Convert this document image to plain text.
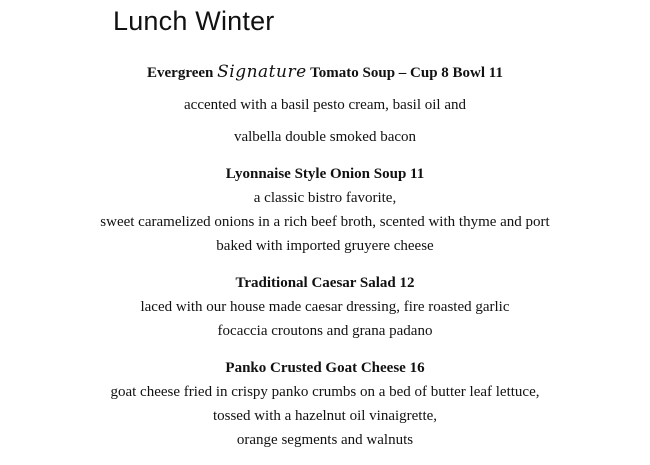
Lunch Winter
Evergreen Signature Tomato Soup – Cup 8 Bowl 11
accented with a basil pesto cream, basil oil and
valbella double smoked bacon
Lyonnaise Style Onion Soup 11
a classic bistro favorite,
sweet caramelized onions in a rich beef broth, scented with thyme and port
baked with imported gruyere cheese
Traditional Caesar Salad 12
laced with our house made caesar dressing, fire roasted garlic
focaccia croutons and grana padano
Panko Crusted Goat Cheese 16
goat cheese fried in crispy panko crumbs on a bed of butter leaf lettuce,
tossed with a hazelnut oil vinaigrette,
orange segments and walnuts
